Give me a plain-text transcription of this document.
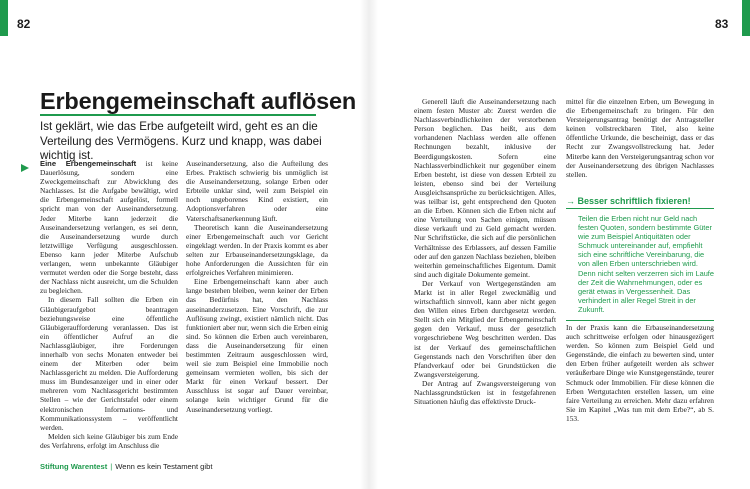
82	83
Erbengemeinschaft auflösen

Ist geklärt, wie das Erbe aufgeteilt wird, geht es an die Verteilung des Vermögens. Kurz und knapp, was dabei wichtig ist.

Eine Erbengemeinschaft ist keine Dauerlösung, sondern eine Zweckgemeinschaft zur Abwicklung des Nachlasses. Ist die Aufgabe bewältigt, wird die Erbengemeinschaft aufgelöst, formell spricht man von der Auseinandersetzung. Jeder Miterbe kann jederzeit die Auseinandersetzung verlangen, es sei denn, die Auseinandersetzung wurde durch letztwillige Verfügung ausgeschlossen. Ebenso kann jeder Miterbe Aufschub verlangen, wenn unbekannte Gläubiger vermutet werden oder die Sorge besteht, dass der Nachlass nicht ausreicht, um die Schulden zu begleichen.

In diesem Fall sollten die Erben ein Gläubigeraufgebot beantragen beziehungsweise eine öffentliche Gläubigeraufforderung veranlassen. Das ist ein öffentlicher Aufruf an die Nachlassgläubiger, ihre Forderungen innerhalb von sechs Monaten entweder bei einem der Miterben oder beim Nachlassgericht zu melden. Die Aufforderung muss im Bundesanzeiger und in einer oder mehreren vom Nachlassgericht bestimmten Stellen – wie der Gerichtstafel oder einem elektronischen Informations- und Kommunikationssystem – veröffentlicht werden.

Melden sich keine Gläubiger bis zum Ende des Verfahrens, erfolgt im Anschluss die

Auseinandersetzung, also die Aufteilung des Erbes. Praktisch schwierig bis unmöglich ist die Auseinandersetzung, solange Erben oder Erbteile unklar sind, weil zum Beispiel ein noch ungeborenes Kind existiert, ein Adoptionsverfahren oder eine Vaterschaftsanerkennung läuft.

Theoretisch kann die Auseinandersetzung einer Erbengemeinschaft auch vor Gericht eingeklagt werden. In der Praxis kommt es aber selten zur Erbauseinandersetzungsklage, da hohe Anforderungen die Aussichten für ein erfolgreiches Verfahren minimieren.

Eine Erbengemeinschaft kann aber auch lange bestehen bleiben, wenn keiner der Erben das Bedürfnis hat, den Nachlass auseinanderzusetzen. Eine Vorschrift, die zur Auflösung zwingt, existiert nämlich nicht. Das funktioniert aber nur, wenn sich die Erben einig sind. So können die Erben auch vereinbaren, dass die Auseinandersetzung für einen bestimmten Zeitraum ausgeschlossen wird, weil sie zum Beispiel eine Immobilie noch gemeinsam vermieten wollen, bis sich der Markt für einen Verkauf bessert. Der Ausschluss ist sogar auf Dauer vereinbar, solange kein wichtiger Grund für die Auseinandersetzung vorliegt.

Generell läuft die Auseinandersetzung nach einem festen Muster ab: Zuerst werden die Nachlassverbindlichkeiten der verstorbenen Person beglichen. Das heißt, aus dem vorhandenen Nachlass werden alle offenen Rechnungen bezahlt, inklusive der Beerdigungskosten. Sofern eine Nachlassverbindlichkeit nur gegenüber einem Erben besteht, ist diese von dessen Erbteil zu leisten, ebenso sind bei der Verteilung Ausgleichsansprüche zu berücksichtigen. Alles, was teilbar ist, geht entsprechend den Quoten an die Erben. Können sich die Erben nicht auf eine Verteilung von Sachen einigen, müssen diese verkauft und zu Geld gemacht werden. Nur Schriftstücke, die sich auf die persönlichen Verhältnisse des Erblassers, auf dessen Familie oder auf den ganzen Nachlass beziehen, bleiben weiterhin gemeinschaftliches Eigentum. Damit sind auch digitale Dokumente gemeint.

Der Verkauf von Wertgegenständen am Markt ist in aller Regel zweckmäßig und wirtschaftlich sinnvoll, kann aber nicht gegen den Willen eines Erben durchgesetzt werden. Stellt sich ein Mitglied der Erbengemeinschaft gegen den Verkauf, muss der gesetzlich vorgeschriebene Weg beschritten werden. Das ist der Verkauf des gemeinschaftlichen Gegenstands nach den Vorschriften über den Pfandverkauf oder bei Grundstücken die Zwangsversteigerung.

Der Antrag auf Zwangsversteigerung von Nachlassgrundstücken ist in festgefahrenen Situationen häufig das effektivste Druck-

mittel für die einzelnen Erben, um Bewegung in die Erbengemeinschaft zu bringen. Für den Versteigerungsantrag benötigt der Antragsteller keinen vollstreckbaren Titel, also keine öffentliche Urkunde, die bescheinigt, dass er das Recht zur Zwangsvollstreckung hat. Jeder Miterbe kann den Versteigerungsantrag schon vor der Auseinandersetzung des übrigen Nachlasses stellen.

→ Besser schriftlich fixieren!
Teilen die Erben nicht nur Geld nach festen Quoten, sondern bestimmte Güter wie zum Beispiel Antiquitäten oder Schmuck untereinander auf, empfiehlt sich eine schriftliche Vereinbarung, die von allen Erben unterschrieben wird. Denn nicht selten verzerren sich im Laufe der Zeit die Wahrnehmungen, oder es gerät etwas in Vergessenheit. Das verhindert in aller Regel Streit in der Zukunft.

In der Praxis kann die Erbauseinandersetzung auch schrittweise erfolgen oder hinausgezögert werden. So können zum Beispiel Geld und Gegenstände, die einfach zu bewerten sind, unter den Erben früher aufgeteilt werden als schwer veräußerbare Dinge wie Kunstgegenstände, teurer Schmuck oder Immobilien. Für diese können die Erben Wertgutachten erstellen lassen, um eine faire Verteilung zu erreichen. Mehr dazu erfahren Sie im Kapitel „Was tun mit dem Erbe?“, ab S. 153.

Stiftung Warentest | Wenn es kein Testament gibt
